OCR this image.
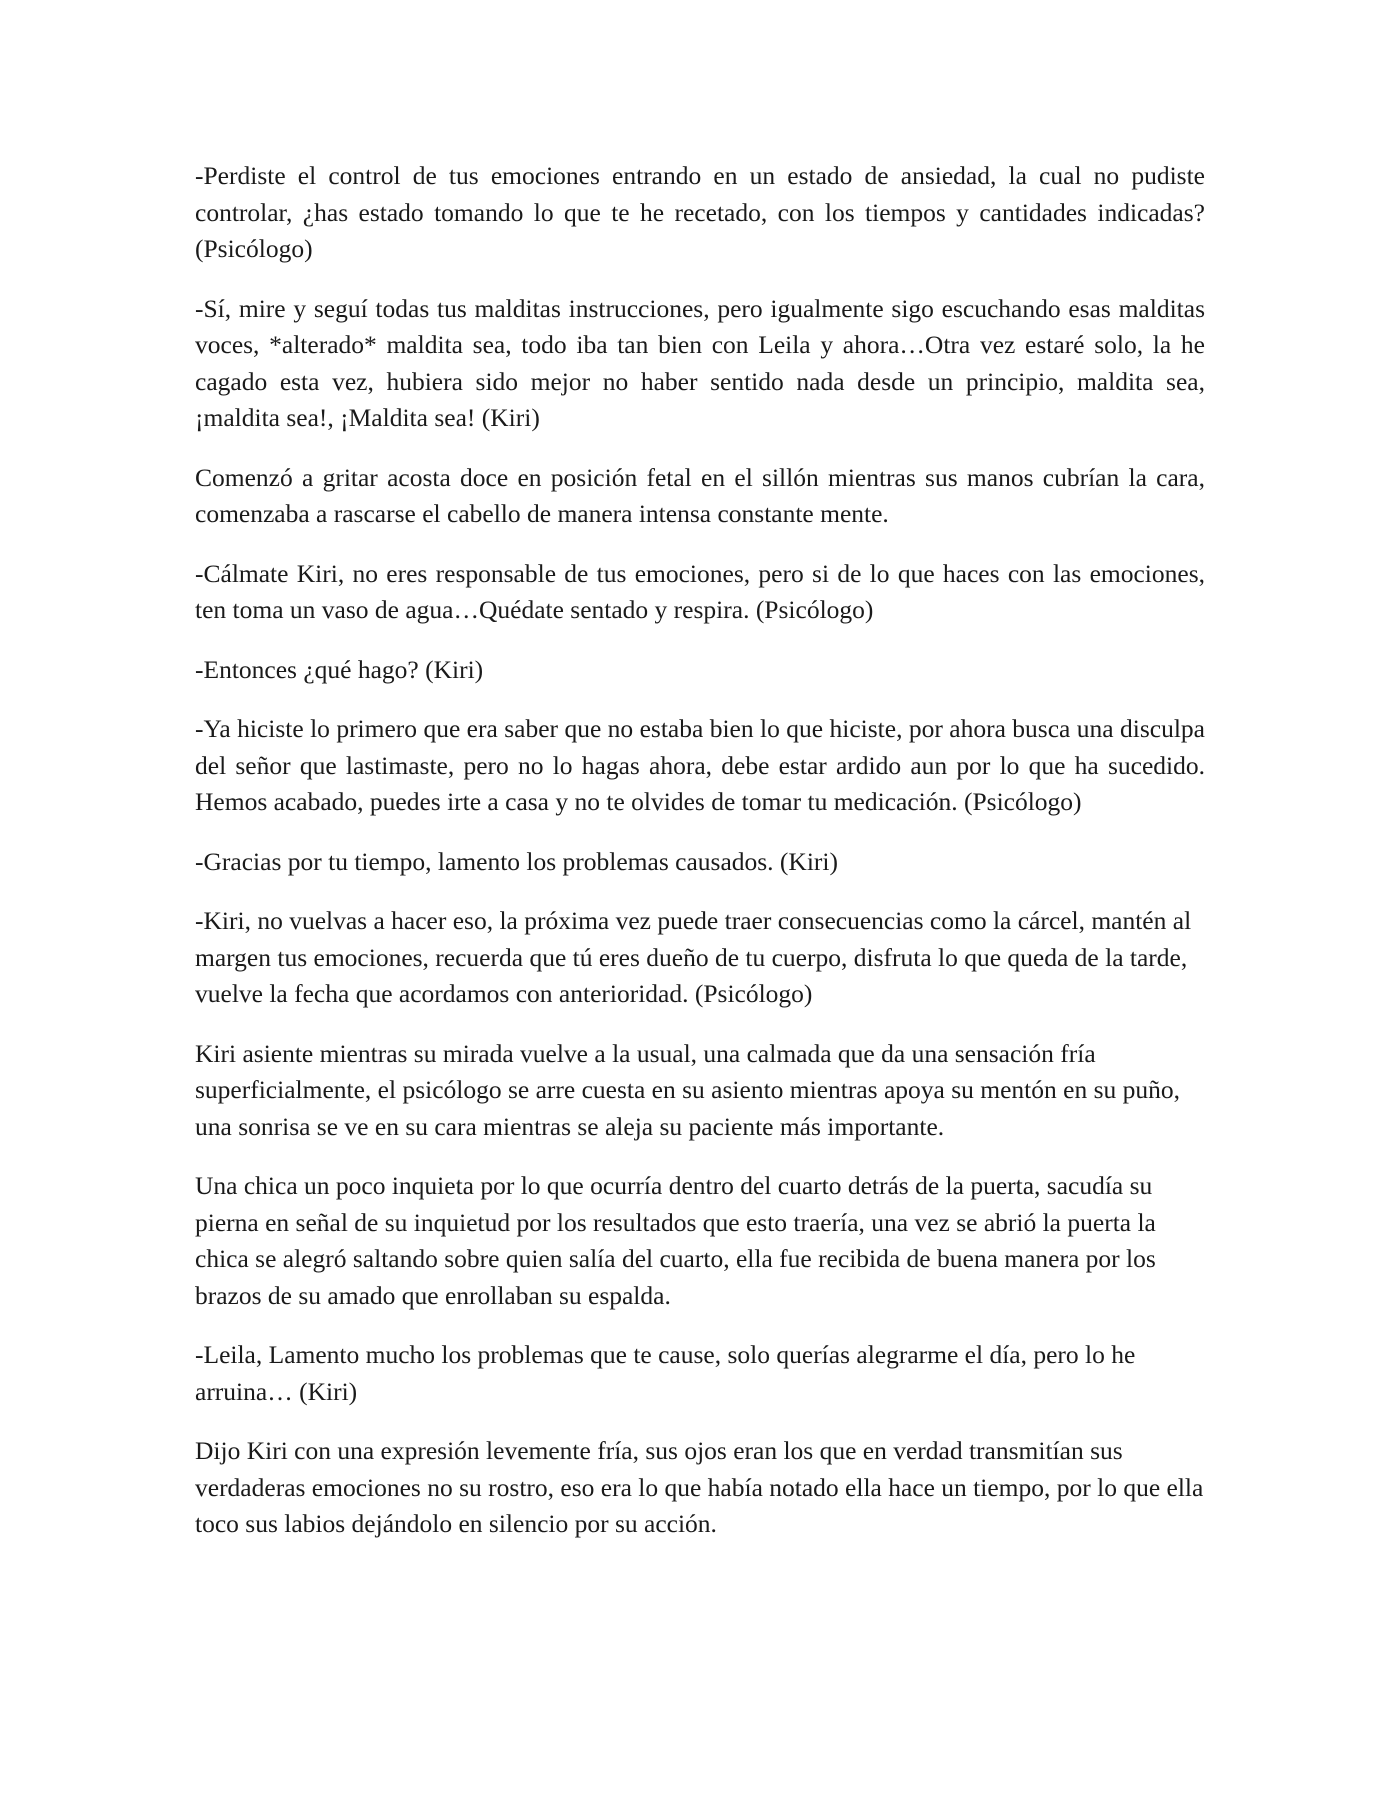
-Perdiste el control de tus emociones entrando en un estado de ansiedad, la cual no pudiste controlar, ¿has estado tomando lo que te he recetado, con los tiempos y cantidades indicadas? (Psicólogo)

-Sí, mire y seguí todas tus malditas instrucciones, pero igualmente sigo escuchando esas malditas voces, *alterado* maldita sea, todo iba tan bien con Leila y ahora…Otra vez estaré solo, la he cagado esta vez, hubiera sido mejor no haber sentido nada desde un principio, maldita sea, ¡maldita sea!, ¡Maldita sea! (Kiri)

Comenzó a gritar acosta doce en posición fetal en el sillón mientras sus manos cubrían la cara, comenzaba a rascarse el cabello de manera intensa constante mente.

-Cálmate Kiri, no eres responsable de tus emociones, pero si de lo que haces con las emociones, ten toma un vaso de agua…Quédate sentado y respira. (Psicólogo)

-Entonces ¿qué hago? (Kiri)

-Ya hiciste lo primero que era saber que no estaba bien lo que hiciste, por ahora busca una disculpa del señor que lastimaste, pero no lo hagas ahora, debe estar ardido aun por lo que ha sucedido. Hemos acabado, puedes irte a casa y no te olvides de tomar tu medicación. (Psicólogo)

-Gracias por tu tiempo, lamento los problemas causados. (Kiri)

-Kiri, no vuelvas a hacer eso, la próxima vez puede traer consecuencias como la cárcel, mantén al margen tus emociones, recuerda que tú eres dueño de tu cuerpo, disfruta lo que queda de la tarde, vuelve la fecha que acordamos con anterioridad. (Psicólogo)

Kiri asiente mientras su mirada vuelve a la usual, una calmada que da una sensación fría superficialmente, el psicólogo se arre cuesta en su asiento mientras apoya su mentón en su puño, una sonrisa se ve en su cara mientras se aleja su paciente más importante.

Una chica un poco inquieta por lo que ocurría dentro del cuarto detrás de la puerta, sacudía su pierna en señal de su inquietud por los resultados que esto traería, una vez se abrió la puerta la chica se alegró saltando sobre quien salía del cuarto, ella fue recibida de buena manera por los brazos de su amado que enrollaban su espalda.

-Leila, Lamento mucho los problemas que te cause, solo querías alegrarme el día, pero lo he arruina… (Kiri)

Dijo Kiri con una expresión levemente fría, sus ojos eran los que en verdad transmitían sus verdaderas emociones no su rostro, eso era lo que había notado ella hace un tiempo, por lo que ella toco sus labios dejándolo en silencio por su acción.
